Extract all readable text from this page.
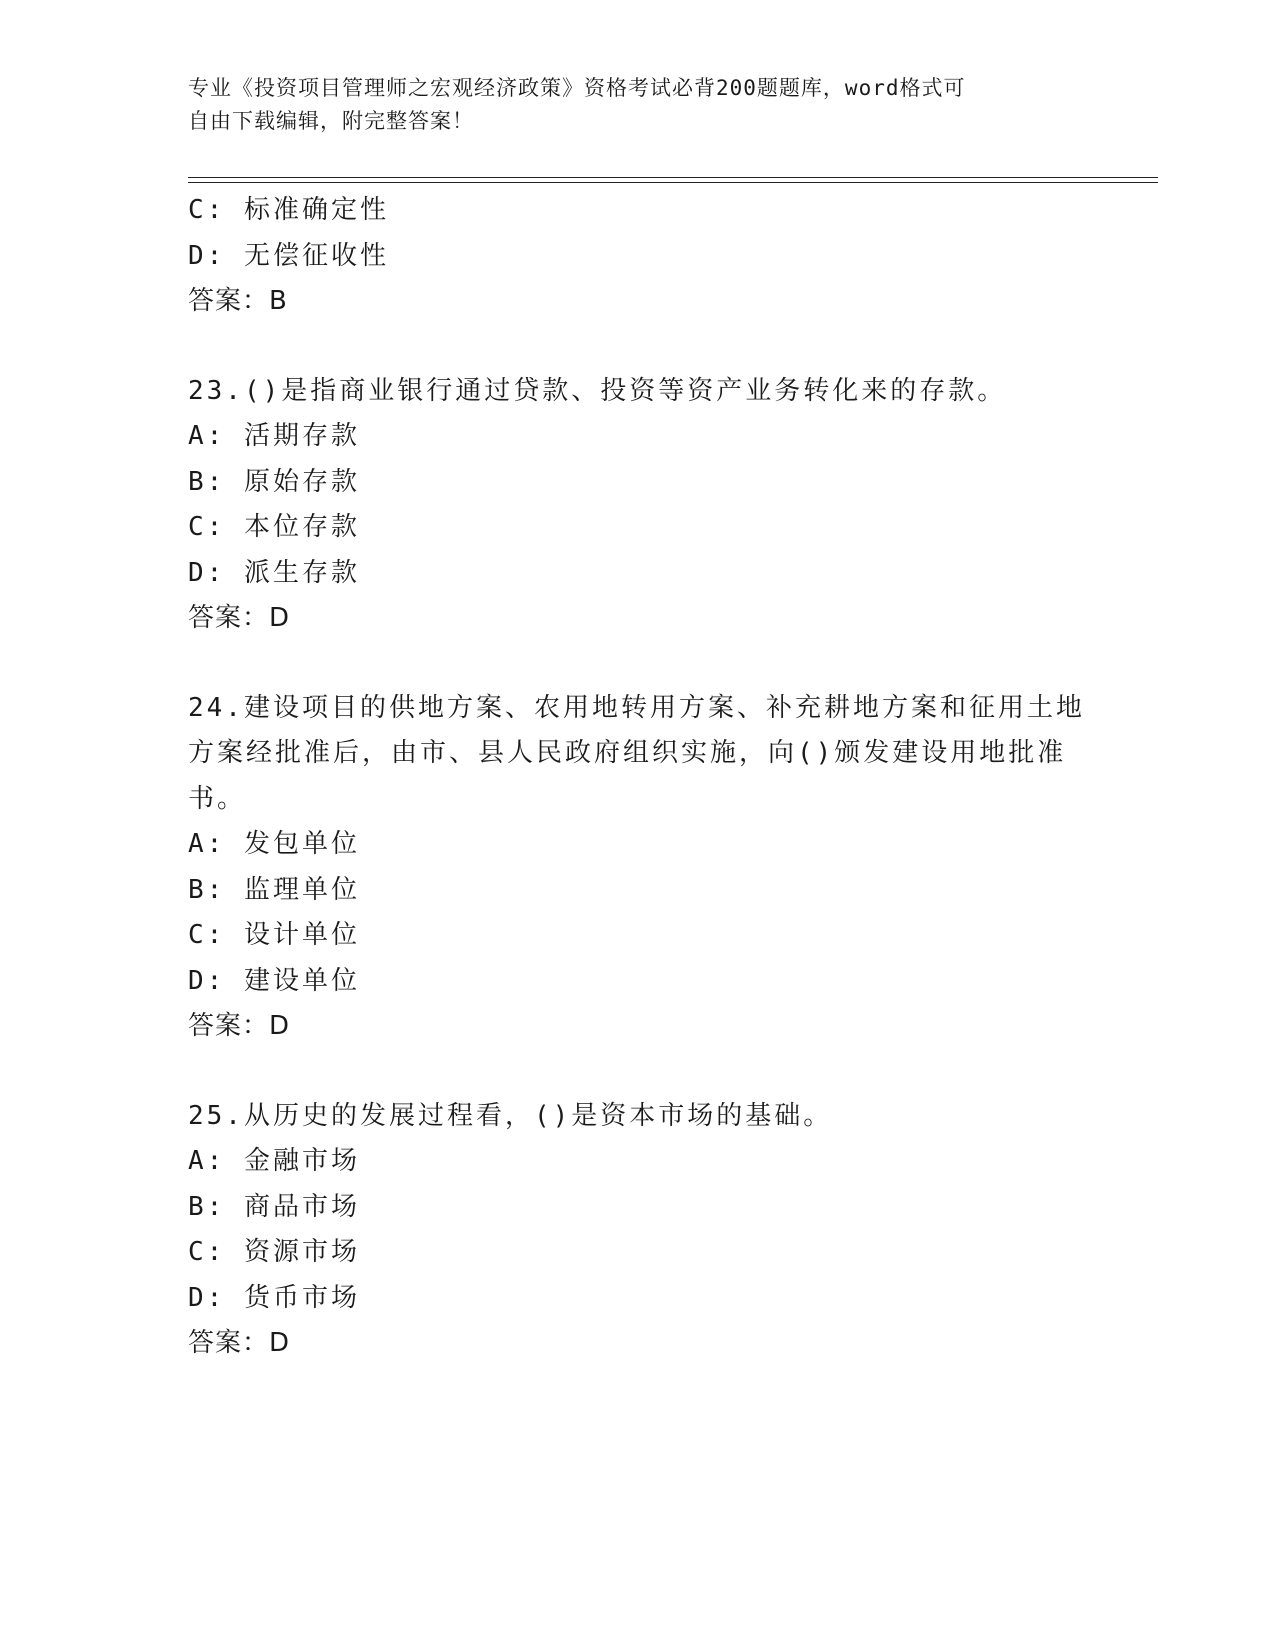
专业《投资项目管理师之宏观经济政策》资格考试必背200题题库，word格式可
自由下载编辑，附完整答案！
C: 标准确定性
D: 无偿征收性
答案：B
23.()是指商业银行通过贷款、投资等资产业务转化来的存款。
A: 活期存款
B: 原始存款
C: 本位存款
D: 派生存款
答案：D
24.建设项目的供地方案、农用地转用方案、补充耕地方案和征用土地
方案经批准后，由市、县人民政府组织实施，向()颁发建设用地批准
书。
A: 发包单位
B: 监理单位
C: 设计单位
D: 建设单位
答案：D
25.从历史的发展过程看，()是资本市场的基础。
A: 金融市场
B: 商品市场
C: 资源市场
D: 货币市场
答案：D
